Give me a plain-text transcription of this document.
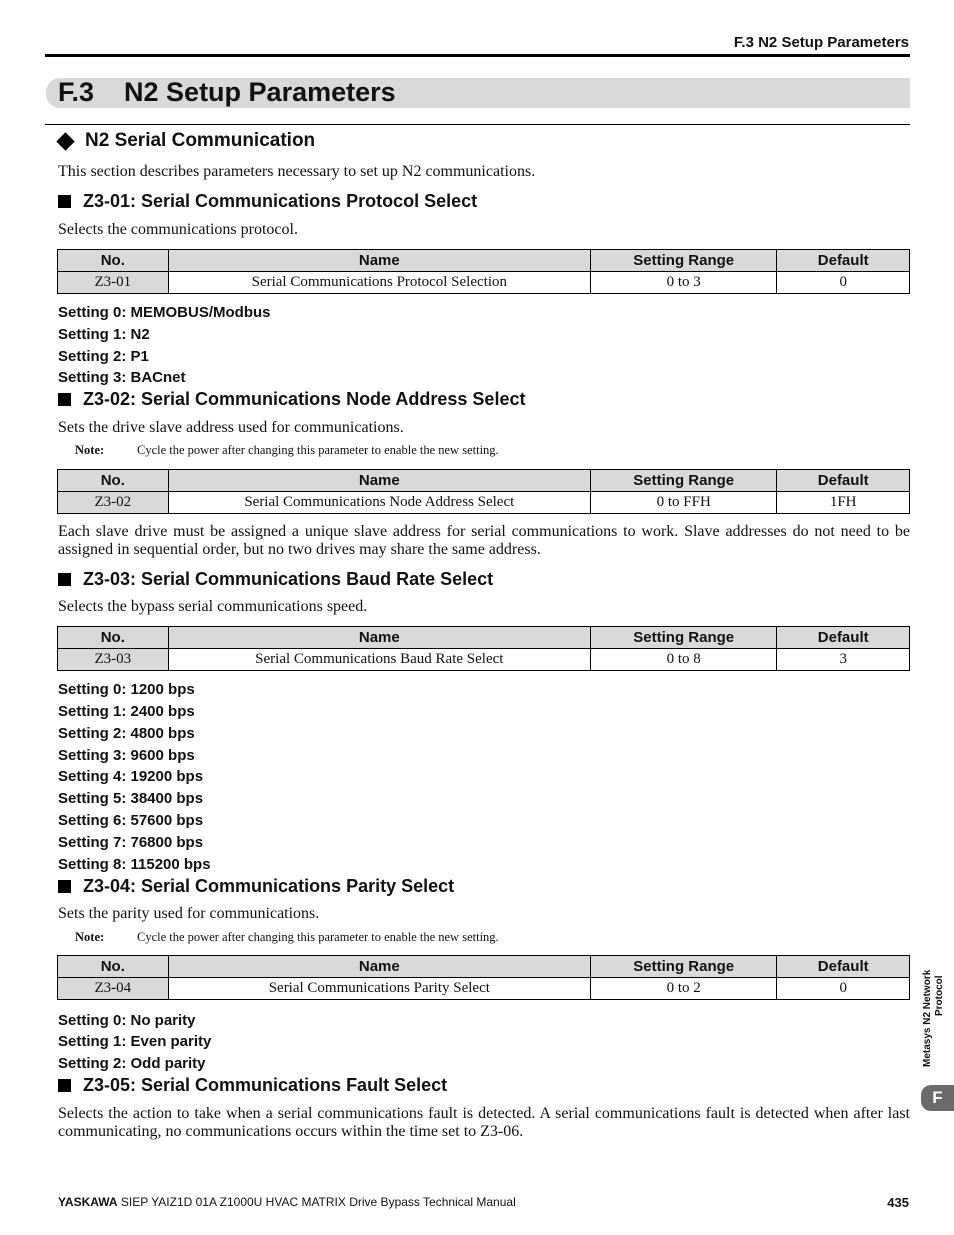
F.3 N2 Setup Parameters
F.3    N2 Setup Parameters
N2 Serial Communication
This section describes parameters necessary to set up N2 communications.
Z3-01: Serial Communications Protocol Select
Selects the communications protocol.
No.	Name	Setting Range	Default
Z3-01	Serial Communications Protocol Selection	0 to 3	0
Setting 0: MEMOBUS/Modbus
Setting 1: N2
Setting 2: P1
Setting 3: BACnet
Z3-02: Serial Communications Node Address Select
Sets the drive slave address used for communications.
Note:	Cycle the power after changing this parameter to enable the new setting.
No.	Name	Setting Range	Default
Z3-02	Serial Communications Node Address Select	0 to FFH	1FH
Each slave drive must be assigned a unique slave address for serial communications to work. Slave addresses do not need to be assigned in sequential order, but no two drives may share the same address.
Z3-03: Serial Communications Baud Rate Select
Selects the bypass serial communications speed.
No.	Name	Setting Range	Default
Z3-03	Serial Communications Baud Rate Select	0 to 8	3
Setting 0: 1200 bps
Setting 1: 2400 bps
Setting 2: 4800 bps
Setting 3: 9600 bps
Setting 4: 19200 bps
Setting 5: 38400 bps
Setting 6: 57600 bps
Setting 7: 76800 bps
Setting 8: 115200 bps
Z3-04: Serial Communications Parity Select
Sets the parity used for communications.
Note:	Cycle the power after changing this parameter to enable the new setting.
No.	Name	Setting Range	Default
Z3-04	Serial Communications Parity Select	0 to 2	0
Setting 0: No parity
Setting 1: Even parity
Setting 2: Odd parity
Z3-05: Serial Communications Fault Select
Selects the action to take when a serial communications fault is detected. A serial communications fault is detected when after last communicating, no communications occurs within the time set to Z3-06.
Metasys N2 Network Protocol
F
YASKAWA SIEP YAIZ1D 01A Z1000U HVAC MATRIX Drive Bypass Technical Manual	435
